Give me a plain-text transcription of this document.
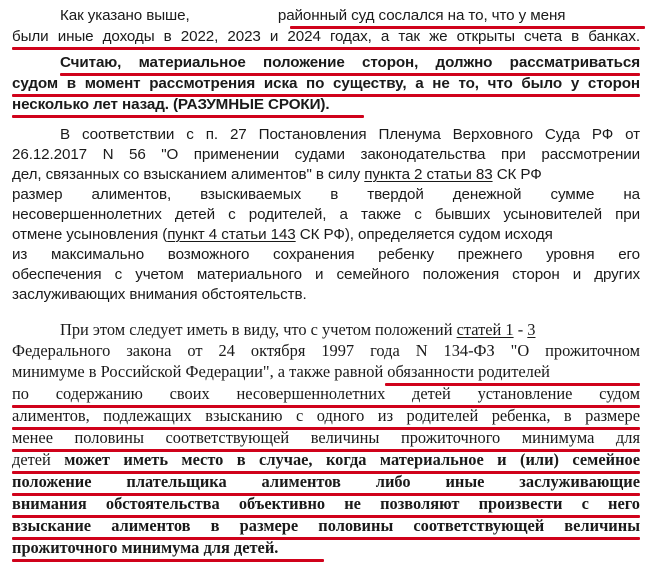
Как указано выше,	районный суд сослался на то, что у меня
были иные доходы в 2022, 2023 и 2024 годах, а так же открыты счета в банках.
Считаю, материальное положение сторон, должно рассматриваться
судом в момент рассмотрения иска по существу, а не то, что было у сторон
несколько лет назад. (РАЗУМНЫЕ СРОКИ).
В соответствии с п. 27 Постановления Пленума Верховного Суда РФ от
26.12.2017 N 56 "О применении судами законодательства при рассмотрении
дел, связанных со взысканием алиментов" в силу пункта 2 статьи 83 СК РФ
размер алиментов, взыскиваемых в твердой денежной сумме на
несовершеннолетних детей с родителей, а также с бывших усыновителей при
отмене усыновления (пункт 4 статьи 143 СК РФ), определяется судом исходя
из максимально возможного сохранения ребенку прежнего уровня его
обеспечения с учетом материального и семейного положения сторон и других
заслуживающих внимания обстоятельств.
При этом следует иметь в виду, что с учетом положений статей 1 - 3
Федерального закона от 24 октября 1997 года N 134-ФЗ "О прожиточном
минимуме в Российской Федерации", а также равной обязанности родителей
по содержанию своих несовершеннолетних детей установление судом
алиментов, подлежащих взысканию с одного из родителей ребенка, в размере
менее половины соответствующей величины прожиточного минимума для
детей может иметь место в случае, когда материальное и (или) семейное
положение плательщика алиментов либо иные заслуживающие
внимания обстоятельства объективно не позволяют произвести с него
взыскание алиментов в размере половины соответствующей величины
прожиточного минимума для детей.
